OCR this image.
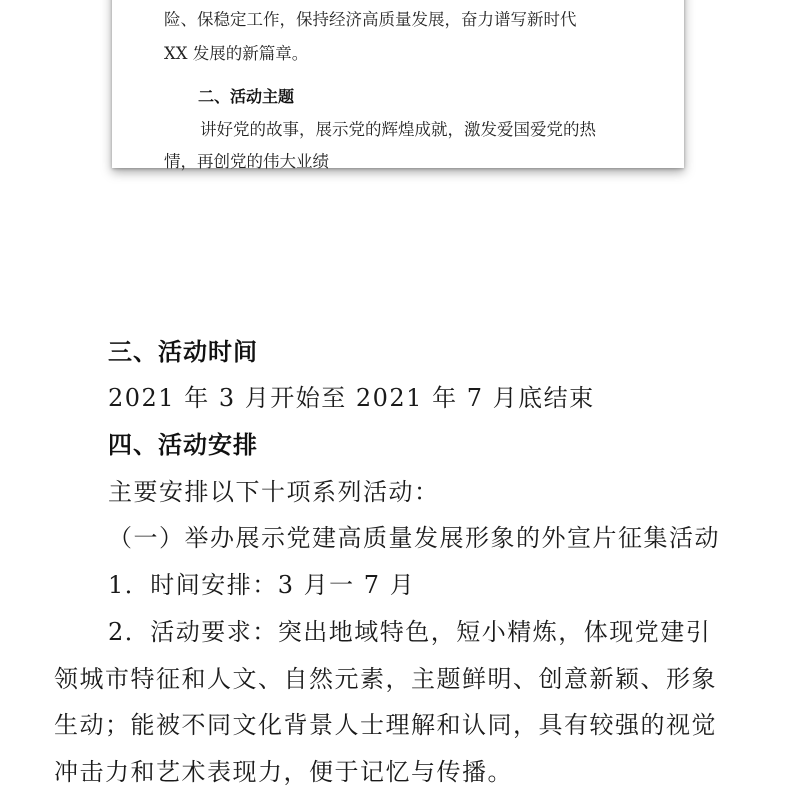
险、保稳定工作，保持经济高质量发展，奋力谱写新时代
XX 发展的新篇章。
二、活动主题
讲好党的故事，展示党的辉煌成就，激发爱国爱党的热
情，再创党的伟大业绩
三、活动时间
2021 年 3 月开始至 2021 年 7 月底结束
四、活动安排
主要安排以下十项系列活动：
（一）举办展示党建高质量发展形象的外宣片征集活动
1．时间安排：3 月一 7 月
2．活动要求：突出地域特色，短小精炼，体现党建引
领城市特征和人文、自然元素，主题鲜明、创意新颖、形象
生动；能被不同文化背景人士理解和认同，具有较强的视觉
冲击力和艺术表现力，便于记忆与传播。
